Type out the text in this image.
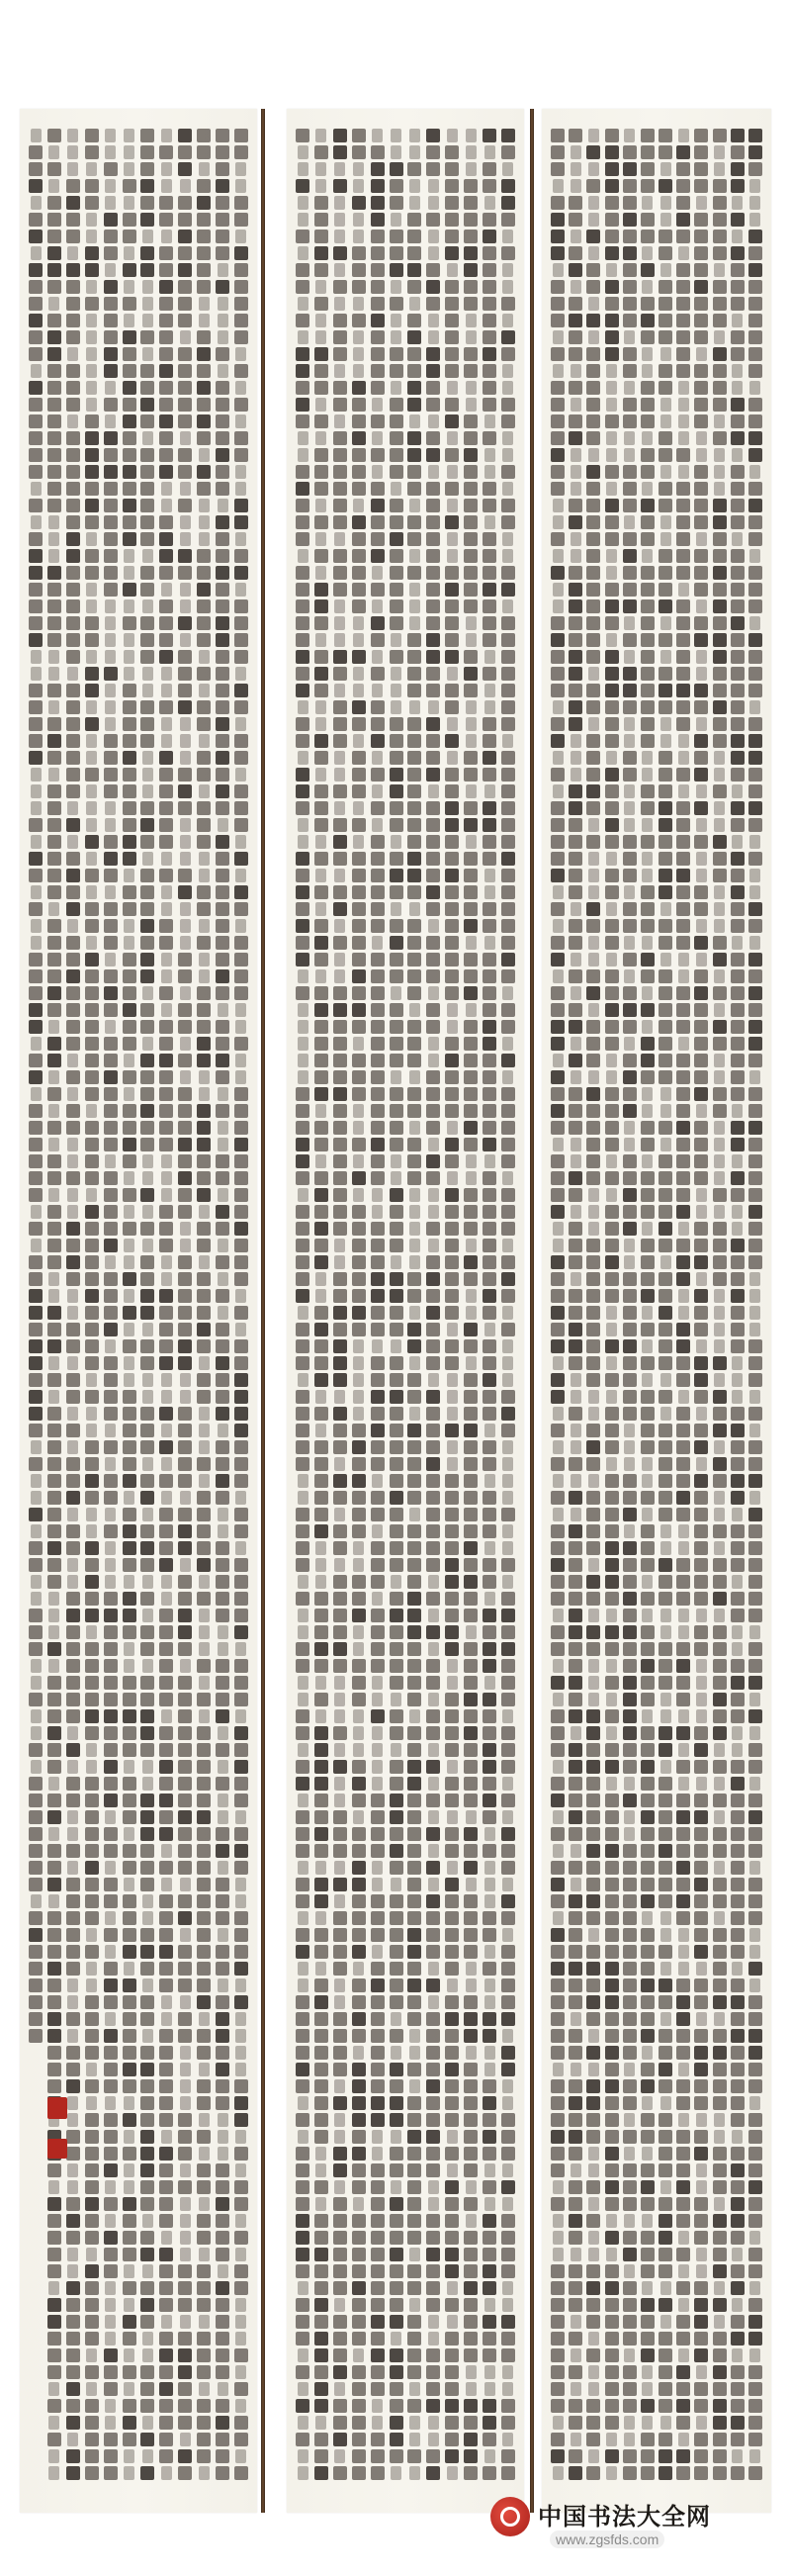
中国书法大全网
www.zgsfds.com
